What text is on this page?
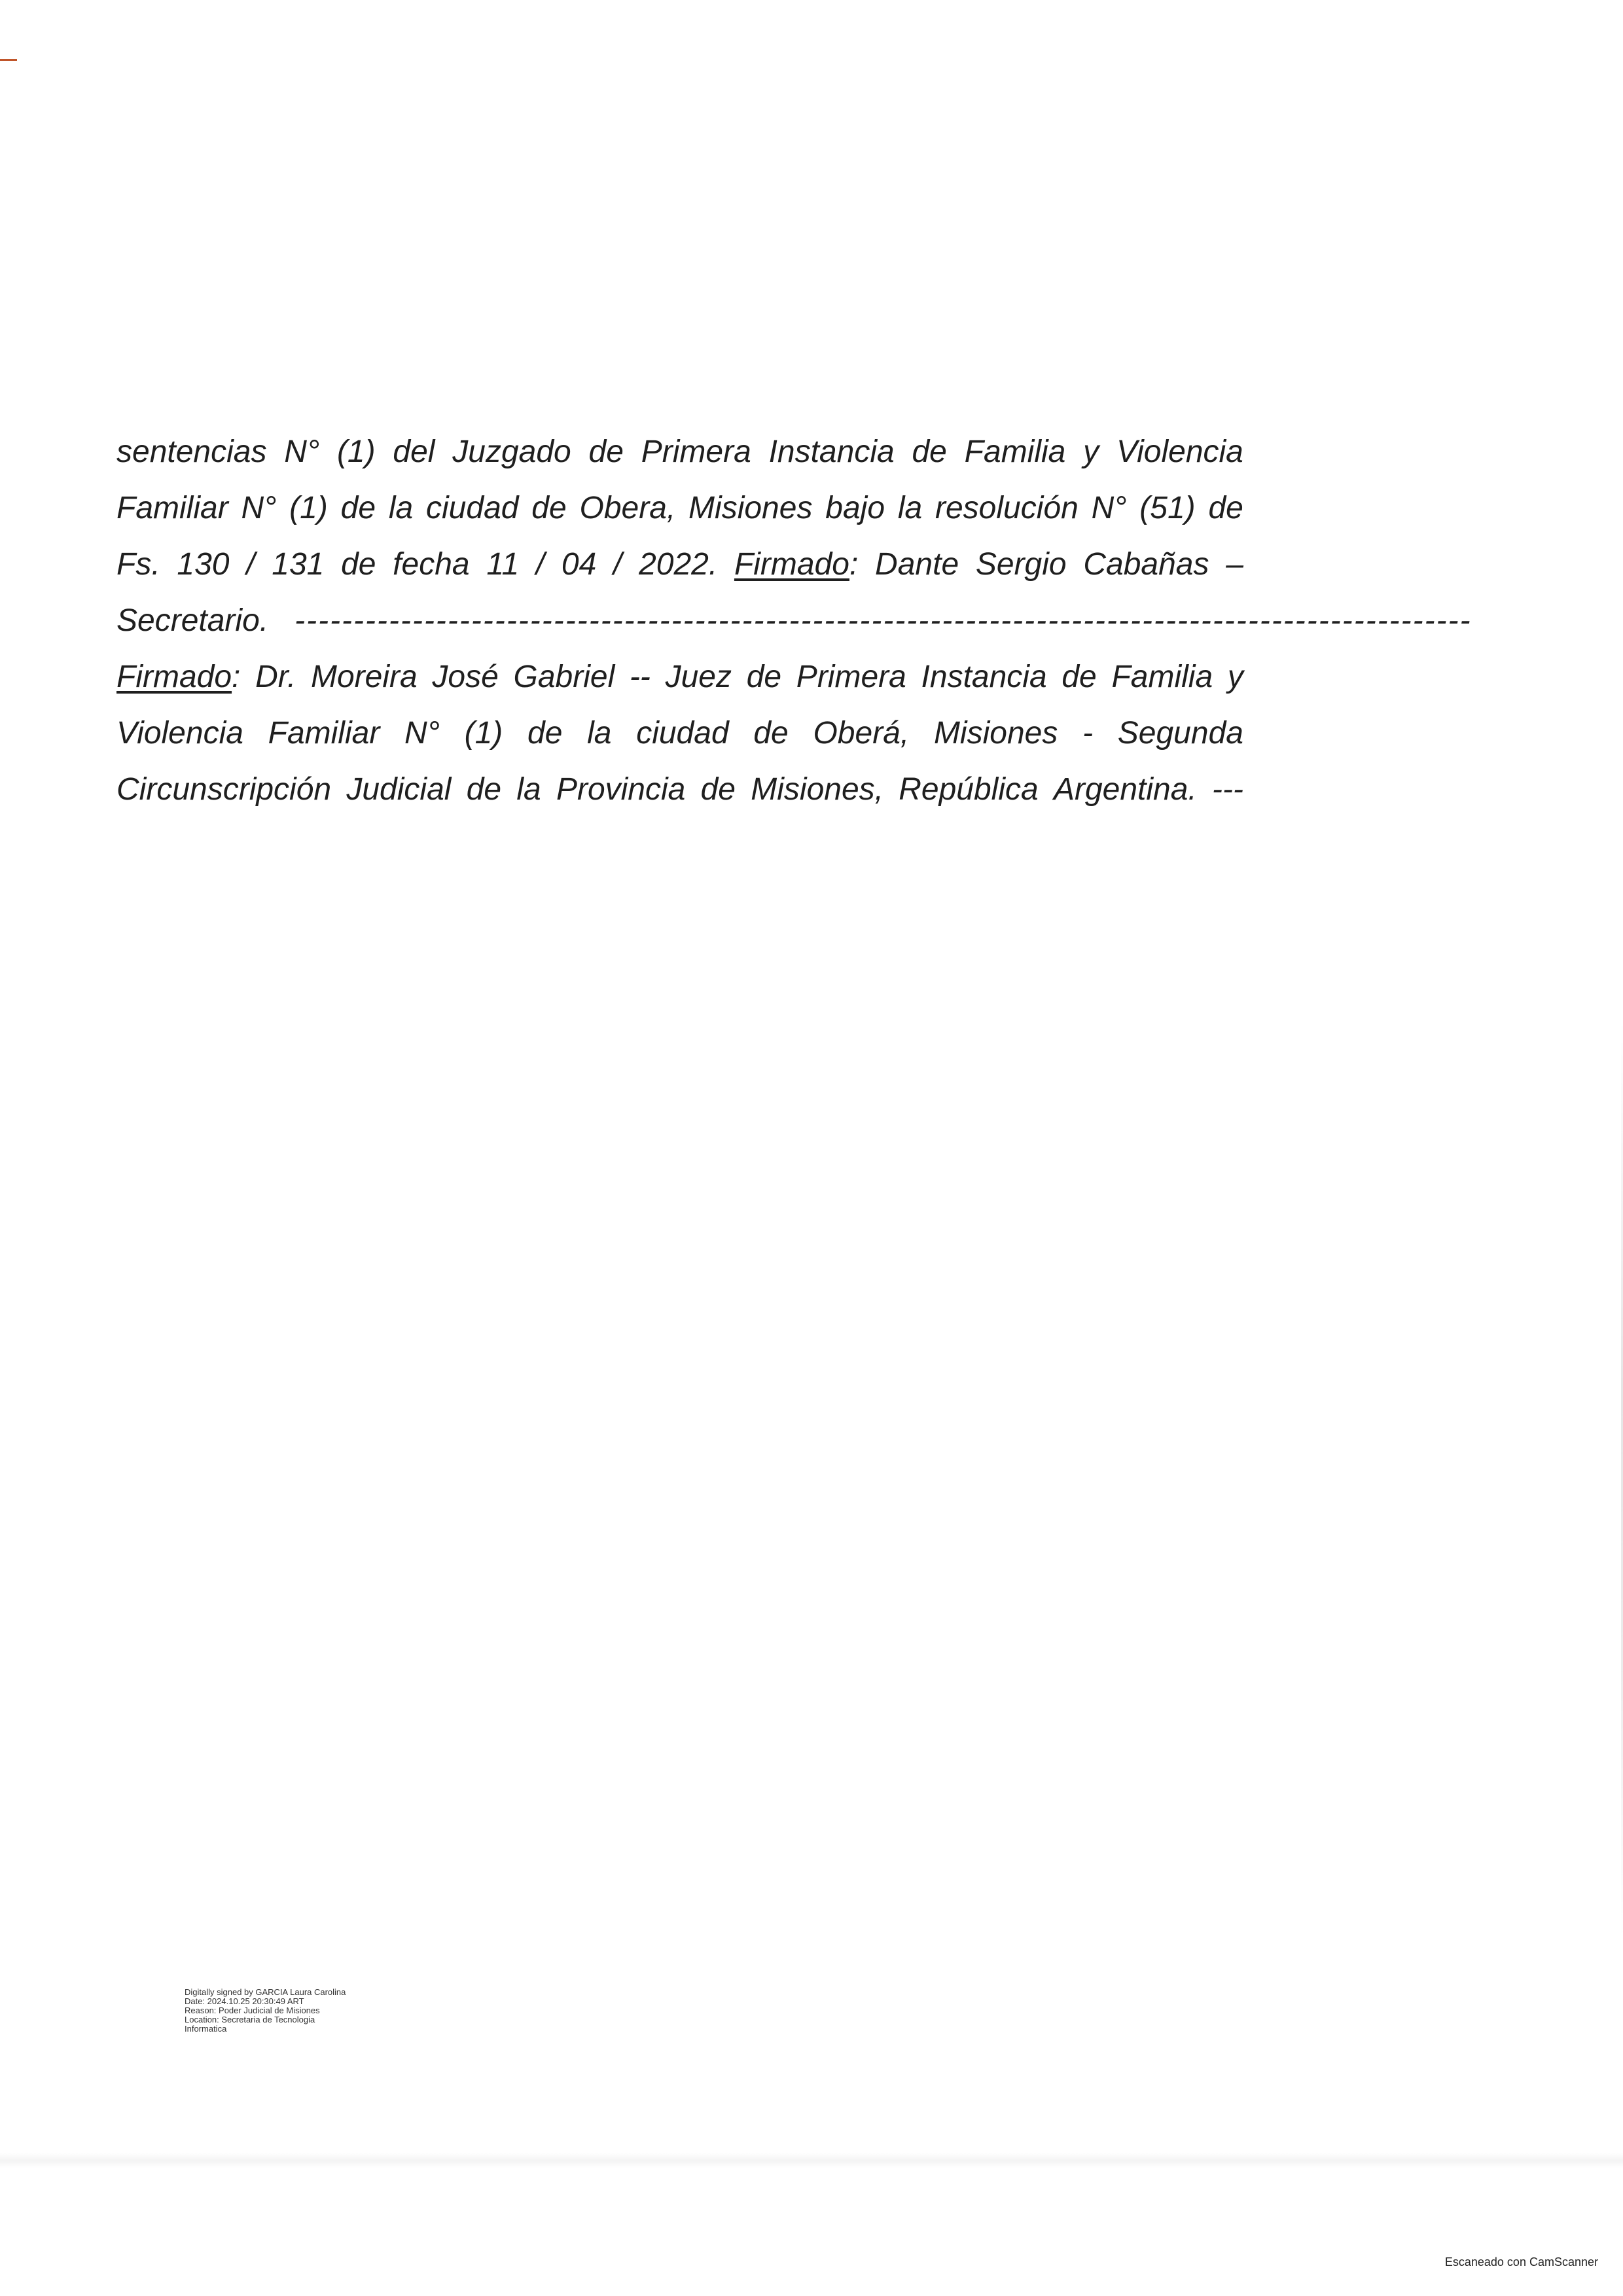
sentencias N° (1) del Juzgado de Primera Instancia de Familia y Violencia
Familiar N° (1) de la ciudad de Obera, Misiones bajo la resolución N° (51) de
Fs. 130 / 131 de fecha 11 / 04 / 2022. Firmado: Dante Sergio Cabañas –
Secretario. ----------------------------------------------------------------------------------------------------
Firmado: Dr. Moreira José Gabriel -- Juez de Primera Instancia de Familia y
Violencia Familiar N° (1) de la ciudad de Oberá, Misiones - Segunda
Circunscripción Judicial de la Provincia de Misiones, República Argentina. ---
Digitally signed by GARCIA Laura Carolina
Date: 2024.10.25 20:30:49 ART
Reason: Poder Judicial de Misiones
Location: Secretaria de Tecnologia
Informatica
Escaneado con CamScanner
